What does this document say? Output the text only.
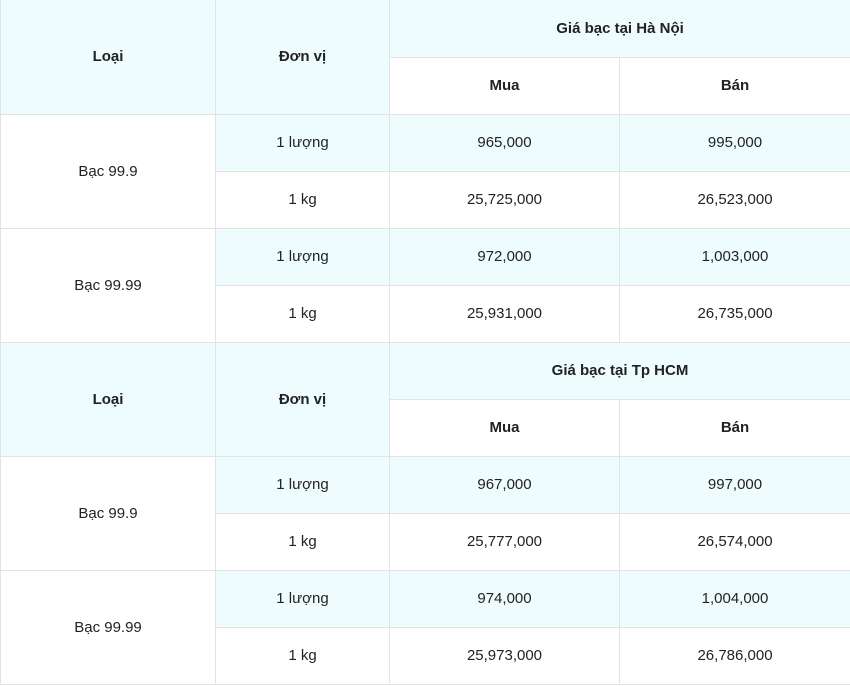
Loại	Đơn vị	Giá bạc tại Hà Nội	
		Mua	Bán
Bạc 99.9	1 lượng	965,000	995,000
	1 kg	25,725,000	26,523,000
Bạc 99.99	1 lượng	972,000	1,003,000
	1 kg	25,931,000	26,735,000
Loại	Đơn vị	Giá bạc tại Tp HCM	
		Mua	Bán
Bạc 99.9	1 lượng	967,000	997,000
	1 kg	25,777,000	26,574,000
Bạc 99.99	1 lượng	974,000	1,004,000
	1 kg	25,973,000	26,786,000
